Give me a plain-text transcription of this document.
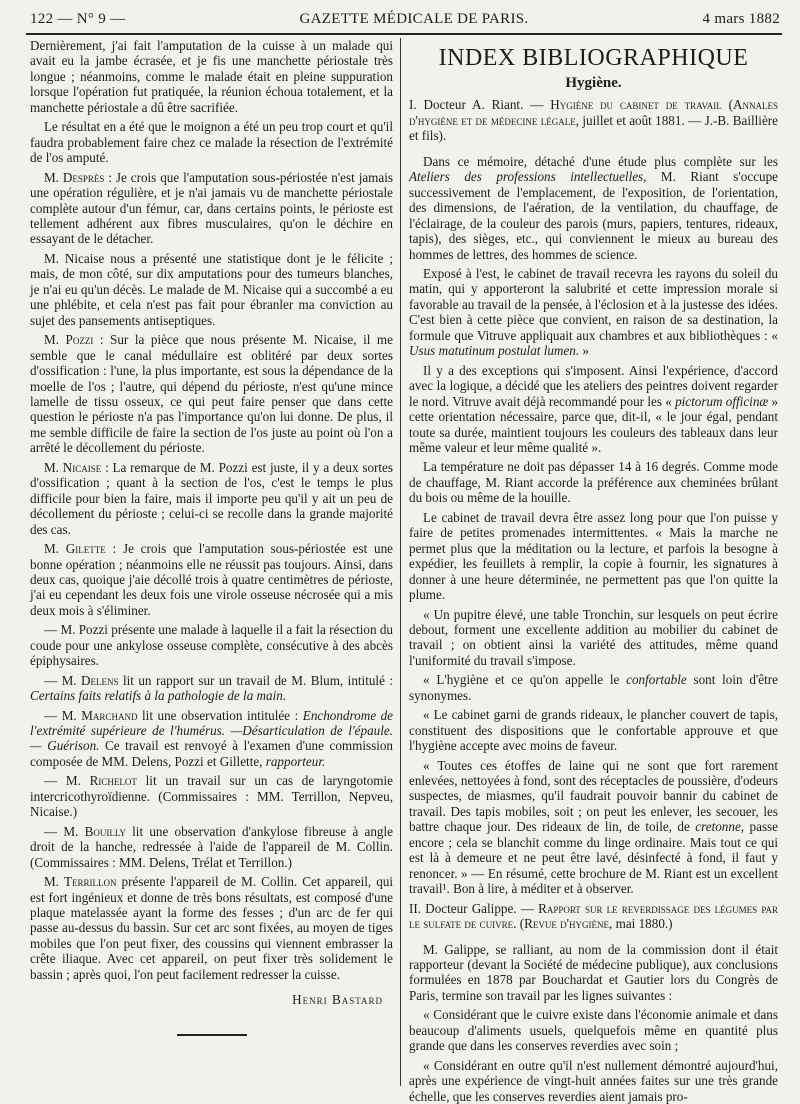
122 — N° 9 —	GAZETTE MÉDICALE DE PARIS.	4 mars 1882

Dernièrement, j'ai fait l'amputation de la cuisse à un malade qui avait eu la jambe écrasée, et je fis une manchette périostale très longue ; néanmoins, comme le malade était en pleine suppuration lorsque l'opération fut pratiquée, la réunion échoua totalement, et la manchette périostale a dû être sacrifiée.

Le résultat en a été que le moignon a été un peu trop court et qu'il faudra probablement faire chez ce malade la résection de l'extrémité de l'os amputé.

M. Desprès : Je crois que l'amputation sous-périostée n'est jamais une opération régulière, et je n'ai jamais vu de manchette périostale complète autour d'un fémur, car, dans certains points, le périoste est tellement adhérent aux fibres musculaires, qu'on le déchire en essayant de le détacher.

M. Nicaise nous a présenté une statistique dont je le félicite ; mais, de mon côté, sur dix amputations pour des tumeurs blanches, je n'ai eu qu'un décès. Le malade de M. Nicaise qui a succombé a eu une phlébite, et cela n'est pas fait pour ébranler ma conviction au sujet des pansements antiseptiques.

M. Pozzi : Sur la pièce que nous présente M. Nicaise, il me semble que le canal médullaire est oblitéré par deux sortes d'ossification : l'une, la plus importante, est sous la dépendance de la moelle de l'os ; l'autre, qui dépend du périoste, n'est qu'une mince lamelle de tissu osseux, ce qui peut faire penser que dans cette question le périoste n'a pas l'importance qu'on lui donne. De plus, il me semble difficile de faire la section de l'os juste au point où l'on a arrêté le décollement du périoste.

M. Nicaise : La remarque de M. Pozzi est juste, il y a deux sortes d'ossification ; quant à la section de l'os, c'est le temps le plus difficile pour bien la faire, mais il importe peu qu'il y ait un peu de décollement du périoste ; celui-ci se recolle dans la grande majorité des cas.

M. Gilette : Je crois que l'amputation sous-périostée est une bonne opération ; néanmoins elle ne réussit pas toujours. Ainsi, dans deux cas, quoique j'aie décollé trois à quatre centimètres de périoste, j'ai eu cependant les deux fois une virole osseuse nécrosée qui a mis deux mois à s'éliminer.

— M. Pozzi présente une malade à laquelle il a fait la résection du coude pour une ankylose osseuse complète, consécutive à des abcès épiphysaires.

— M. Delens lit un rapport sur un travail de M. Blum, intitulé : Certains faits relatifs à la pathologie de la main.

— M. Marchand lit une observation intitulée : Enchondrome de l'extrémité supérieure de l'humérus. —Désarticulation de l'épaule. — Guérison. Ce travail est renvoyé à l'examen d'une commission composée de MM. Delens, Pozzi et Gillette, rapporteur.

— M. Richelot lit un travail sur un cas de laryngotomie intercricothyroïdienne. (Commissaires : MM. Terrillon, Nepveu, Nicaise.)

— M. Bouilly lit une observation d'ankylose fibreuse à angle droit de la hanche, redressée à l'aide de l'appareil de M. Collin. (Commissaires : MM. Delens, Trélat et Terrillon.)

M. Terrillon présente l'appareil de M. Collin. Cet appareil, qui est fort ingénieux et donne de très bons résultats, est composé d'une plaque matelassée ayant la forme des fesses ; d'un arc de fer qui passe au-dessus du bassin. Sur cet arc sont fixées, au moyen de tiges mobiles que l'on peut fixer, des coussins qui viennent embrasser la crête iliaque. Avec cet appareil, on peut fixer très solidement le bassin ; après quoi, l'on peut facilement redresser la cuisse.

Henri Bastard
INDEX BIBLIOGRAPHIQUE
Hygiène.

I. Docteur A. Riant. — Hygiène du cabinet de travail (Annales d'hygiène et de médecine légale, juillet et août 1881. — J.-B. Baillière et fils).

Dans ce mémoire, détaché d'une étude plus complète sur les Ateliers des professions intellectuelles, M. Riant s'occupe successivement de l'emplacement, de l'exposition, de l'orientation, des dimensions, de l'aération, de la ventilation, du chauffage, de l'éclairage, de la couleur des parois (murs, papiers, tentures, rideaux, tapis), des sièges, etc., qui conviennent le mieux au bureau des hommes de lettres, des hommes de science.

Exposé à l'est, le cabinet de travail recevra les rayons du soleil du matin, qui y apporteront la salubrité et cette impression morale si favorable au travail de la pensée, à l'éclosion et à la justesse des idées. C'est bien à cette pièce que convient, en raison de sa destination, la formule que Vitruve appliquait aux chambres et aux bibliothèques : « Usus matutinum postulat lumen. »

Il y a des exceptions qui s'imposent. Ainsi l'expérience, d'accord avec la logique, a décidé que les ateliers des peintres doivent regarder le nord. Vitruve avait déjà recommandé pour les « pictorum officinæ » cette orientation nécessaire, parce que, dit-il, « le jour égal, pendant toute sa durée, maintient toujours les couleurs des tableaux dans leur même valeur et leur même qualité ».

La température ne doit pas dépasser 14 à 16 degrés. Comme mode de chauffage, M. Riant accorde la préférence aux cheminées brûlant du bois ou même de la houille.

Le cabinet de travail devra être assez long pour que l'on puisse y faire de petites promenades intermittentes. « Mais la marche ne permet plus que la méditation ou la lecture, et parfois la besogne à expédier, les feuillets à remplir, la copie à fournir, les signatures à donner à une heure déterminée, ne permettent pas que l'on quitte la plume.

« Un pupitre élevé, une table Tronchin, sur lesquels on peut écrire debout, forment une excellente addition au mobilier du cabinet de travail ; on obtient ainsi la variété des attitudes, même quand l'uniformité du travail s'impose.

« L'hygiène et ce qu'on appelle le confortable sont loin d'être synonymes.

« Le cabinet garni de grands rideaux, le plancher couvert de tapis, constituent des dispositions que le confortable approuve et que l'hygiène accepte avec moins de faveur.

« Toutes ces étoffes de laine qui ne sont que fort rarement enlevées, nettoyées à fond, sont des réceptacles de poussière, d'odeurs suspectes, de miasmes, qu'il faudrait pouvoir bannir du cabinet de travail. Des tapis mobiles, soit ; on peut les enlever, les secouer, les battre chaque jour. Des rideaux de lin, de toile, de cretonne, passe encore ; cela se blanchit comme du linge ordinaire. Mais tout ce qui est là à demeure et ne peut être lavé, désinfecté à fond, il faut y renoncer. » — En résumé, cette brochure de M. Riant est un excellent travail¹. Bon à lire, à méditer et à observer.

II. Docteur Galippe. — Rapport sur le reverdissage des légumes par le sulfate de cuivre. (Revue d'hygiène, mai 1880.)

M. Galippe, se ralliant, au nom de la commission dont il était rapporteur (devant la Société de médecine publique), aux conclusions formulées en 1878 par Bouchardat et Gautier lors du Congrès de Paris, termine son travail par les lignes suivantes :

« Considérant que le cuivre existe dans l'économie animale et dans beaucoup d'aliments usuels, quelquefois même en quantité plus grande que dans les conserves reverdies avec soin ;

« Considérant en outre qu'il n'est nullement démontré aujourd'hui, après une expérience de vingt-huit années faites sur une très grande échelle, que les conserves reverdies aient jamais pro-
